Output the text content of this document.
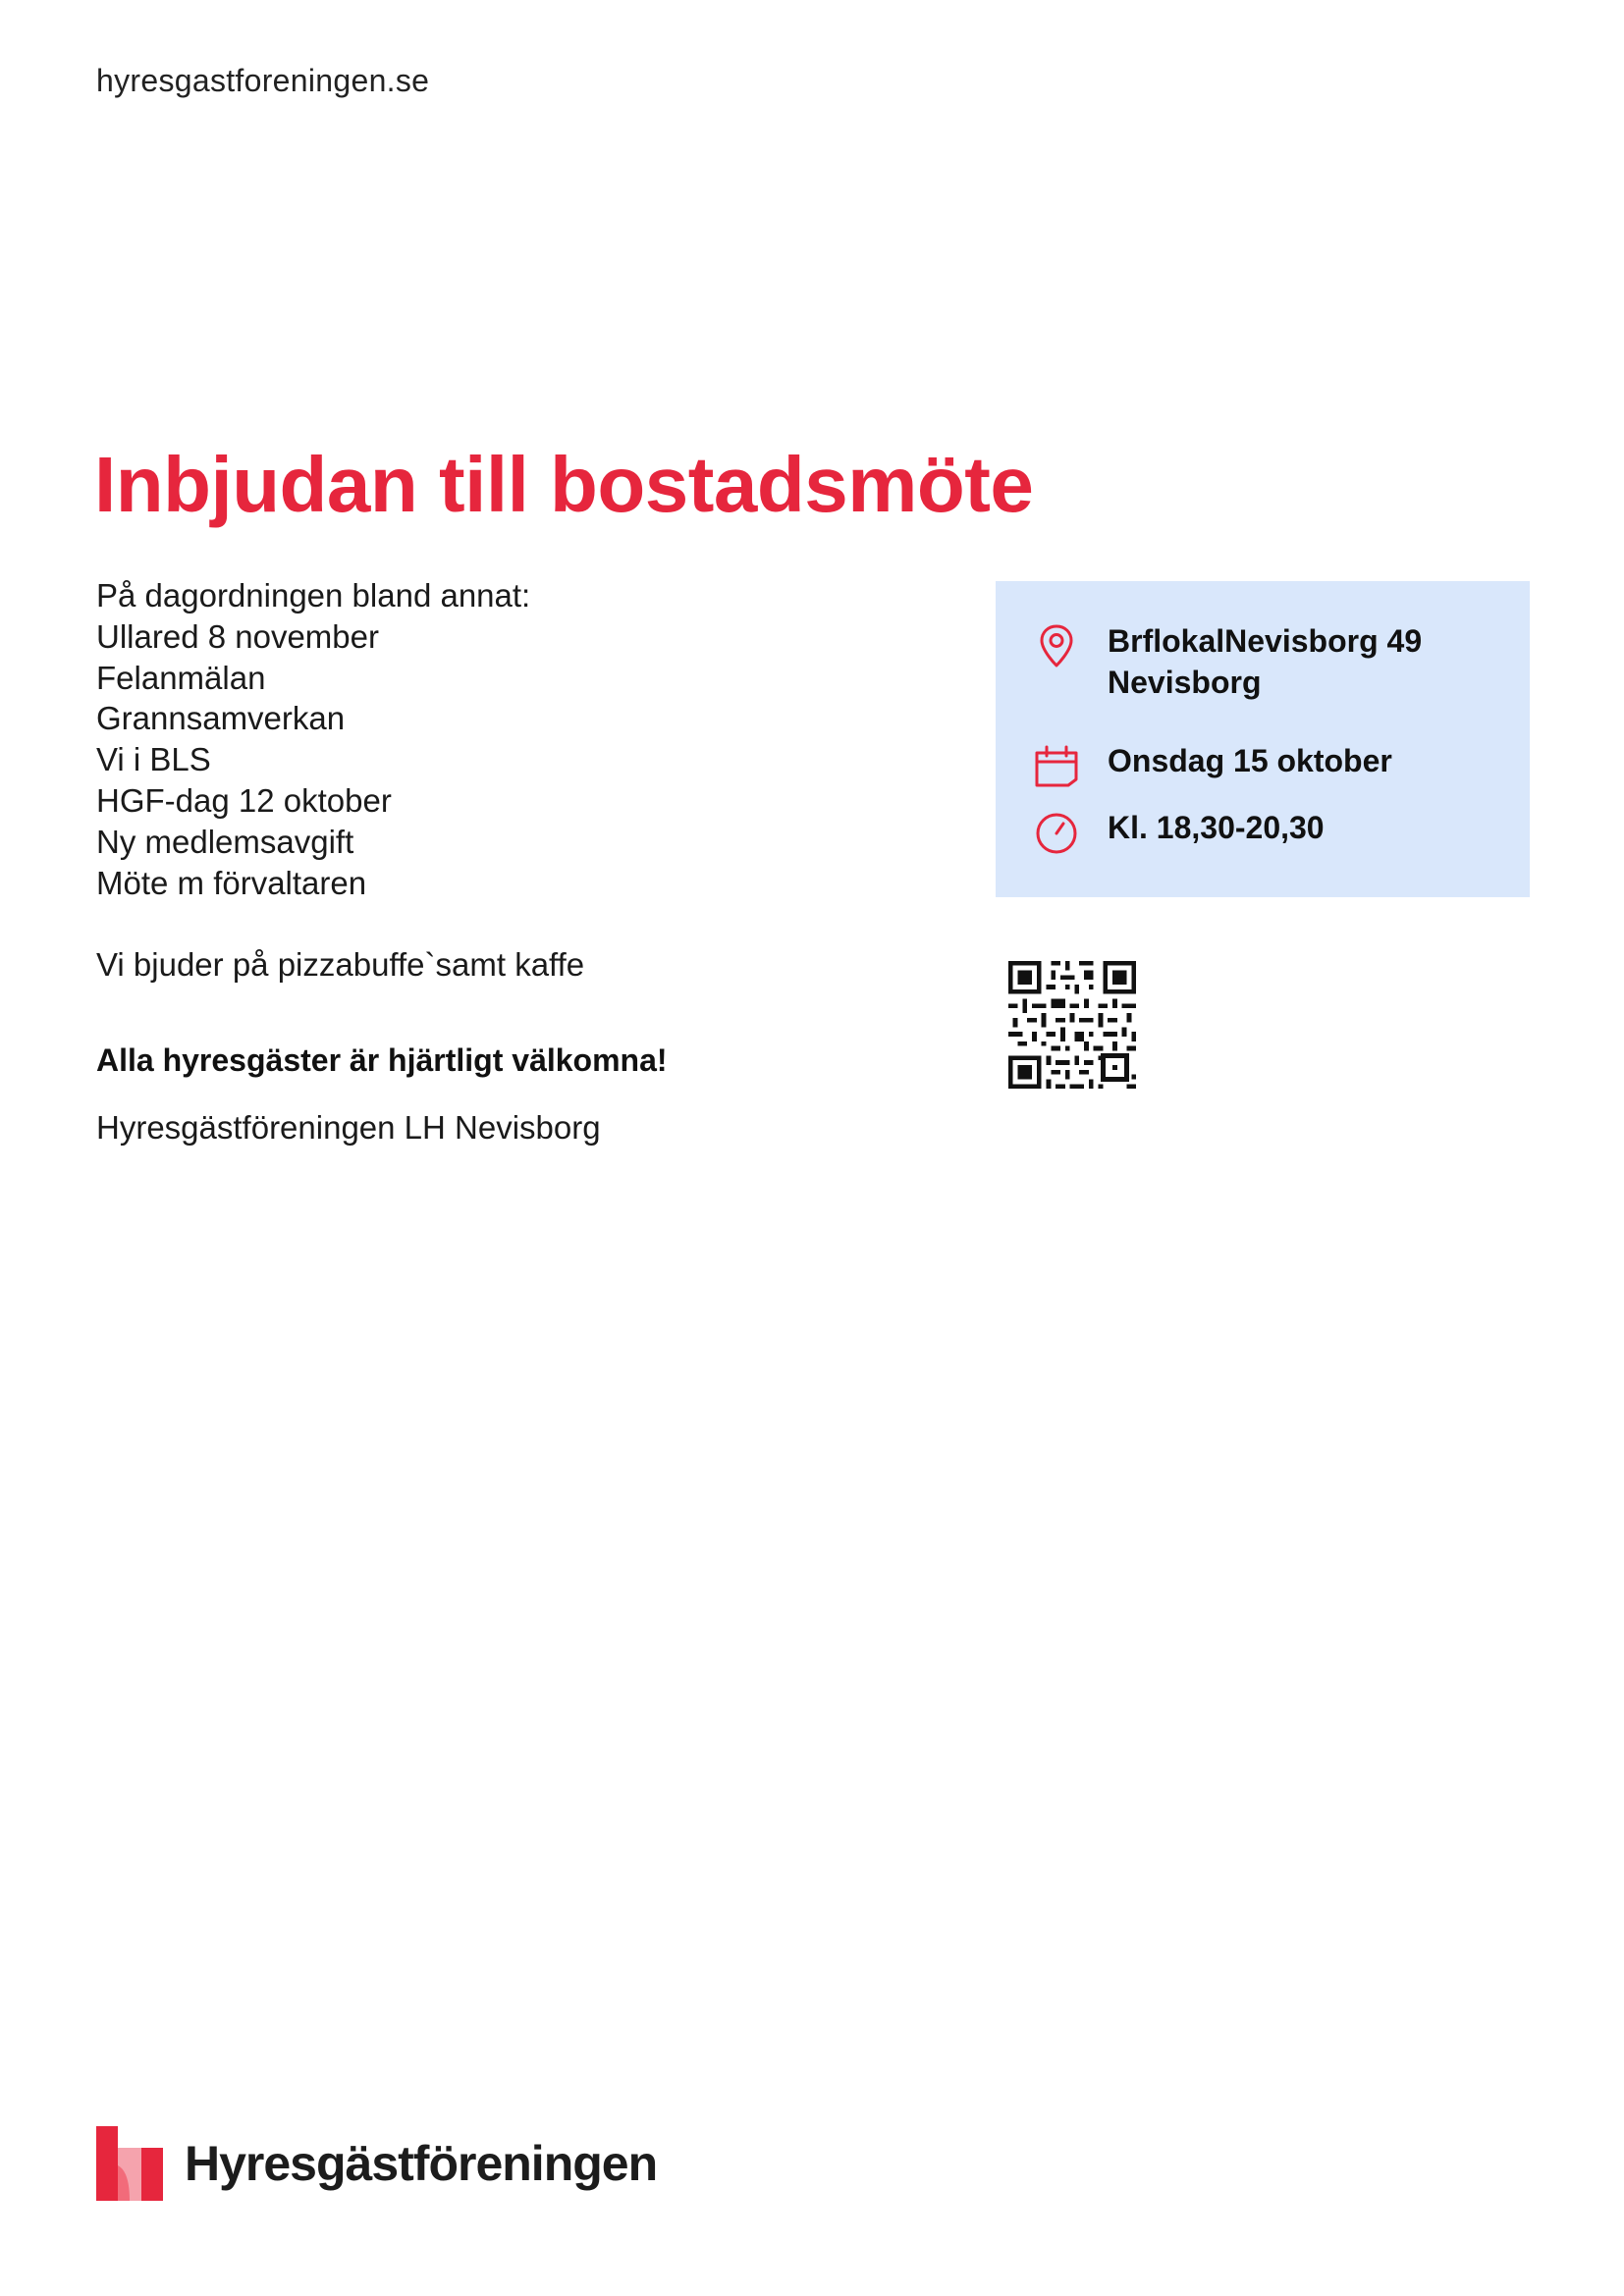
hyresgastforeningen.se
Inbjudan till bostadsmöte
På dagordningen bland annat:
Ullared 8 november
Felanmälan
Grannsamverkan
Vi i BLS
HGF-dag 12 oktober
Ny medlemsavgift
Möte m förvaltaren
Vi bjuder på pizzabuffe`samt kaffe
Alla hyresgäster är hjärtligt välkomna!
Hyresgästföreningen LH Nevisborg
BrflokalNevisborg 49
Nevisborg
Onsdag 15 oktober
Kl. 18,30-20,30
Hyresgästföreningen
